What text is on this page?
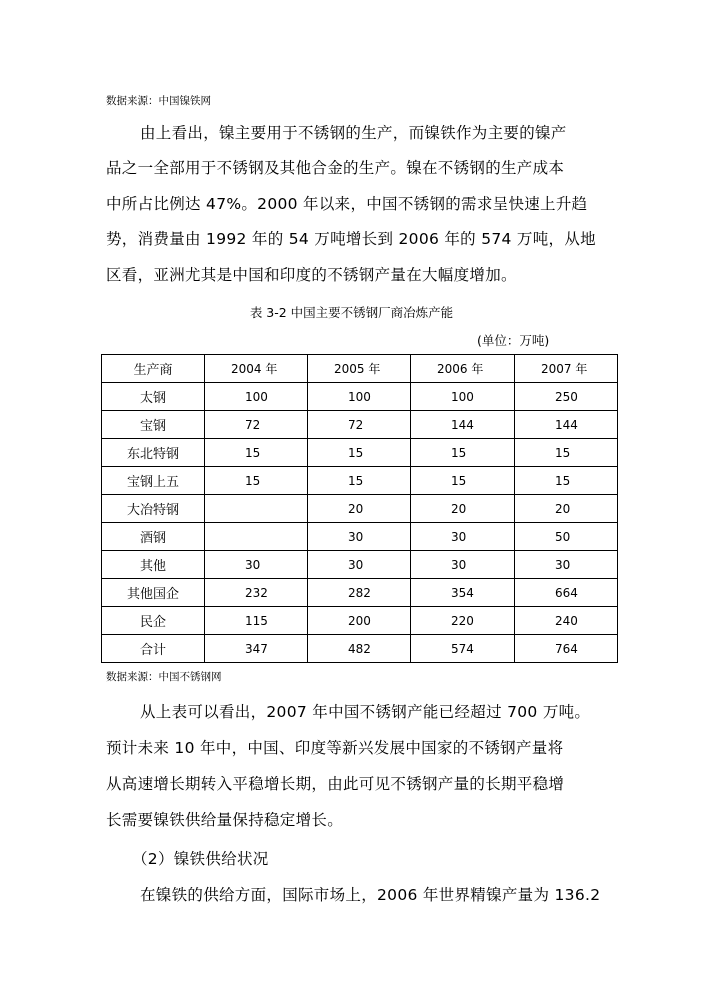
数据来源：中国镍铁网
由上看出，镍主要用于不锈钢的生产，而镍铁作为主要的镍产
品之一全部用于不锈钢及其他合金的生产。镍在不锈钢的生产成本
中所占比例达 47%。2000 年以来，中国不锈钢的需求呈快速上升趋
势，消费量由 1992 年的 54 万吨增长到 2006 年的 574 万吨，从地
区看，亚洲尤其是中国和印度的不锈钢产量在大幅度增加。
表 3-2 中国主要不锈钢厂商冶炼产能
(单位：万吨)
生产商	2004 年	2005 年	2006 年	2007 年
太钢	100	100	100	250
宝钢	72	72	144	144
东北特钢	15	15	15	15
宝钢上五	15	15	15	15
大冶特钢		20	20	20
酒钢		30	30	50
其他	30	30	30	30
其他国企	232	282	354	664
民企	115	200	220	240
合计	347	482	574	764
数据来源：中国不锈钢网
从上表可以看出，2007 年中国不锈钢产能已经超过 700 万吨。
预计未来 10 年中，中国、印度等新兴发展中国家的不锈钢产量将
从高速增长期转入平稳增长期，由此可见不锈钢产量的长期平稳增
长需要镍铁供给量保持稳定增长。
（2）镍铁供给状况
在镍铁的供给方面，国际市场上，2006 年世界精镍产量为 136.2
